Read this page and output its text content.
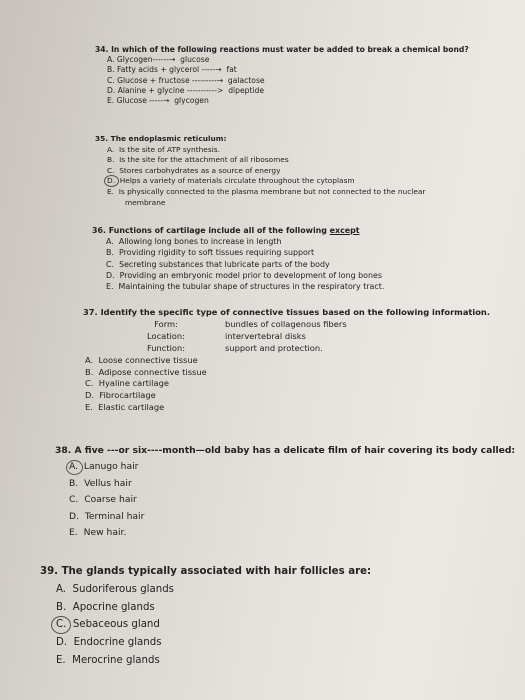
34. In which of the following reactions must water be added to break a chemical bond?
A. Glycogen------→ glucose
B. Fatty acids + glycerol -----→ fat
C. Glucose + fructose ---------→ galactose
D. Alanine + glycine -----------> dipeptide
E. Glucose -----→ glycogen
35. The endoplasmic reticulum:
A. Is the site of ATP synthesis.
B. Is the site for the attachment of all ribosomes
C. Stores carbohydrates as a source of energy
D. Helps a variety of materials circulate throughout the cytoplasm
E. Is physically connected to the plasma membrane but not connected to the nuclear
membrane
36. Functions of cartilage include all of the following except
A. Allowing long bones to increase in length
B. Providing rigidity to soft tissues requiring support
C. Secreting substances that lubricate parts of the body
D. Providing an embryonic model prior to development of long bones
E. Maintaining the tubular shape of structures in the respiratory tract.
37. Identify the specific type of connective tissues based on the following information.
Form:	bundles of collagenous fibers
Location:	intervertebral disks
Function:	support and protection.
A. Loose connective tissue
B. Adipose connective tissue
C. Hyaline cartilage
D. Fibrocartilage
E. Elastic cartilage
38. A five ---or six----month—old baby has a delicate film of hair covering its body called:
A. Lanugo hair
B. Vellus hair
C. Coarse hair
D. Terminal hair
E. New hair.
39. The glands typically associated with hair follicles are:
A. Sudoriferous glands
B. Apocrine glands
C. Sebaceous gland
D. Endocrine glands
E. Merocrine glands
